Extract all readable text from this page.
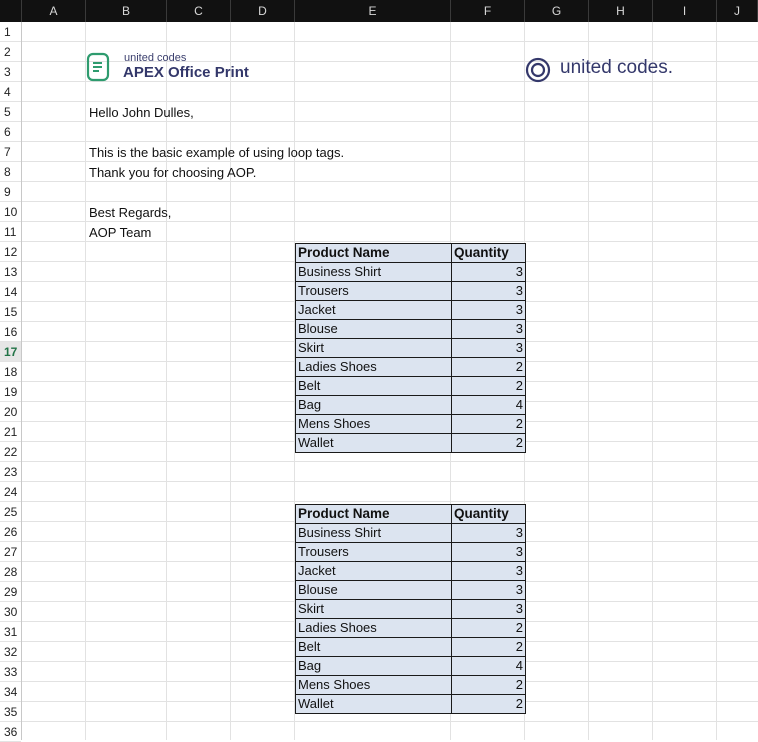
A	B	C	D	E	F	G	H	I	J
1
2
3
4
5
6
7
8
9
10
11
12
13
14
15
16
17
18
19
20
21
22
23
24
25
26
27
28
29
30
31
32
33
34
35
36
united codes
APEX Office Print	united codes.
Hello John Dulles,
This is the basic example of using loop tags.
Thank you for choosing AOP.
Best Regards,
AOP Team
Product Name	Quantity
Business Shirt	3
Trousers	3
Jacket	3
Blouse	3
Skirt	3
Ladies Shoes	2
Belt	2
Bag	4
Mens Shoes	2
Wallet	2
Product Name	Quantity
Business Shirt	3
Trousers	3
Jacket	3
Blouse	3
Skirt	3
Ladies Shoes	2
Belt	2
Bag	4
Mens Shoes	2
Wallet	2
